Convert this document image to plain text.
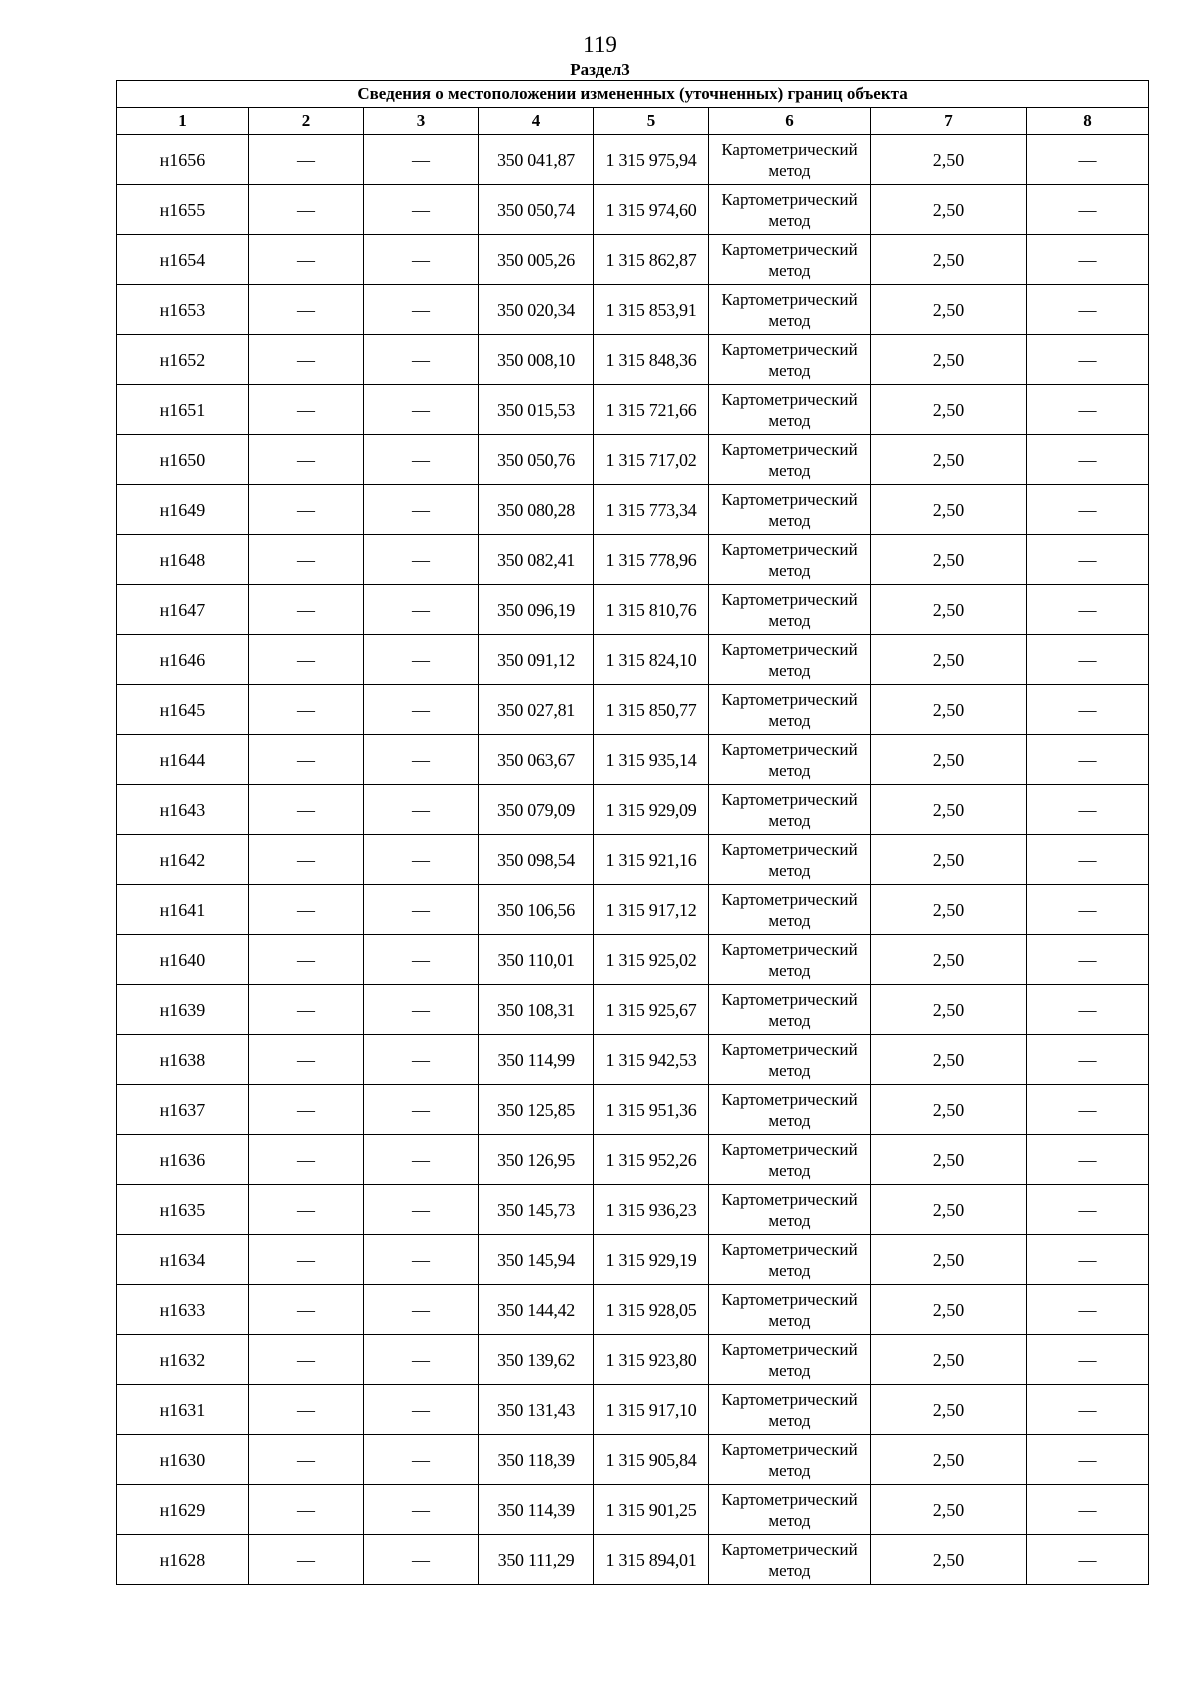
119
Раздел3
Сведения о местоположении измененных (уточненных) границ объекта							
1	2	3	4	5	6	7	8
н1656	—	—	350 041,87	1 315 975,94	Картометрический метод	2,50	—
н1655	—	—	350 050,74	1 315 974,60	Картометрический метод	2,50	—
н1654	—	—	350 005,26	1 315 862,87	Картометрический метод	2,50	—
н1653	—	—	350 020,34	1 315 853,91	Картометрический метод	2,50	—
н1652	—	—	350 008,10	1 315 848,36	Картометрический метод	2,50	—
н1651	—	—	350 015,53	1 315 721,66	Картометрический метод	2,50	—
н1650	—	—	350 050,76	1 315 717,02	Картометрический метод	2,50	—
н1649	—	—	350 080,28	1 315 773,34	Картометрический метод	2,50	—
н1648	—	—	350 082,41	1 315 778,96	Картометрический метод	2,50	—
н1647	—	—	350 096,19	1 315 810,76	Картометрический метод	2,50	—
н1646	—	—	350 091,12	1 315 824,10	Картометрический метод	2,50	—
н1645	—	—	350 027,81	1 315 850,77	Картометрический метод	2,50	—
н1644	—	—	350 063,67	1 315 935,14	Картометрический метод	2,50	—
н1643	—	—	350 079,09	1 315 929,09	Картометрический метод	2,50	—
н1642	—	—	350 098,54	1 315 921,16	Картометрический метод	2,50	—
н1641	—	—	350 106,56	1 315 917,12	Картометрический метод	2,50	—
н1640	—	—	350 110,01	1 315 925,02	Картометрический метод	2,50	—
н1639	—	—	350 108,31	1 315 925,67	Картометрический метод	2,50	—
н1638	—	—	350 114,99	1 315 942,53	Картометрический метод	2,50	—
н1637	—	—	350 125,85	1 315 951,36	Картометрический метод	2,50	—
н1636	—	—	350 126,95	1 315 952,26	Картометрический метод	2,50	—
н1635	—	—	350 145,73	1 315 936,23	Картометрический метод	2,50	—
н1634	—	—	350 145,94	1 315 929,19	Картометрический метод	2,50	—
н1633	—	—	350 144,42	1 315 928,05	Картометрический метод	2,50	—
н1632	—	—	350 139,62	1 315 923,80	Картометрический метод	2,50	—
н1631	—	—	350 131,43	1 315 917,10	Картометрический метод	2,50	—
н1630	—	—	350 118,39	1 315 905,84	Картометрический метод	2,50	—
н1629	—	—	350 114,39	1 315 901,25	Картометрический метод	2,50	—
н1628	—	—	350 111,29	1 315 894,01	Картометрический метод	2,50	—
